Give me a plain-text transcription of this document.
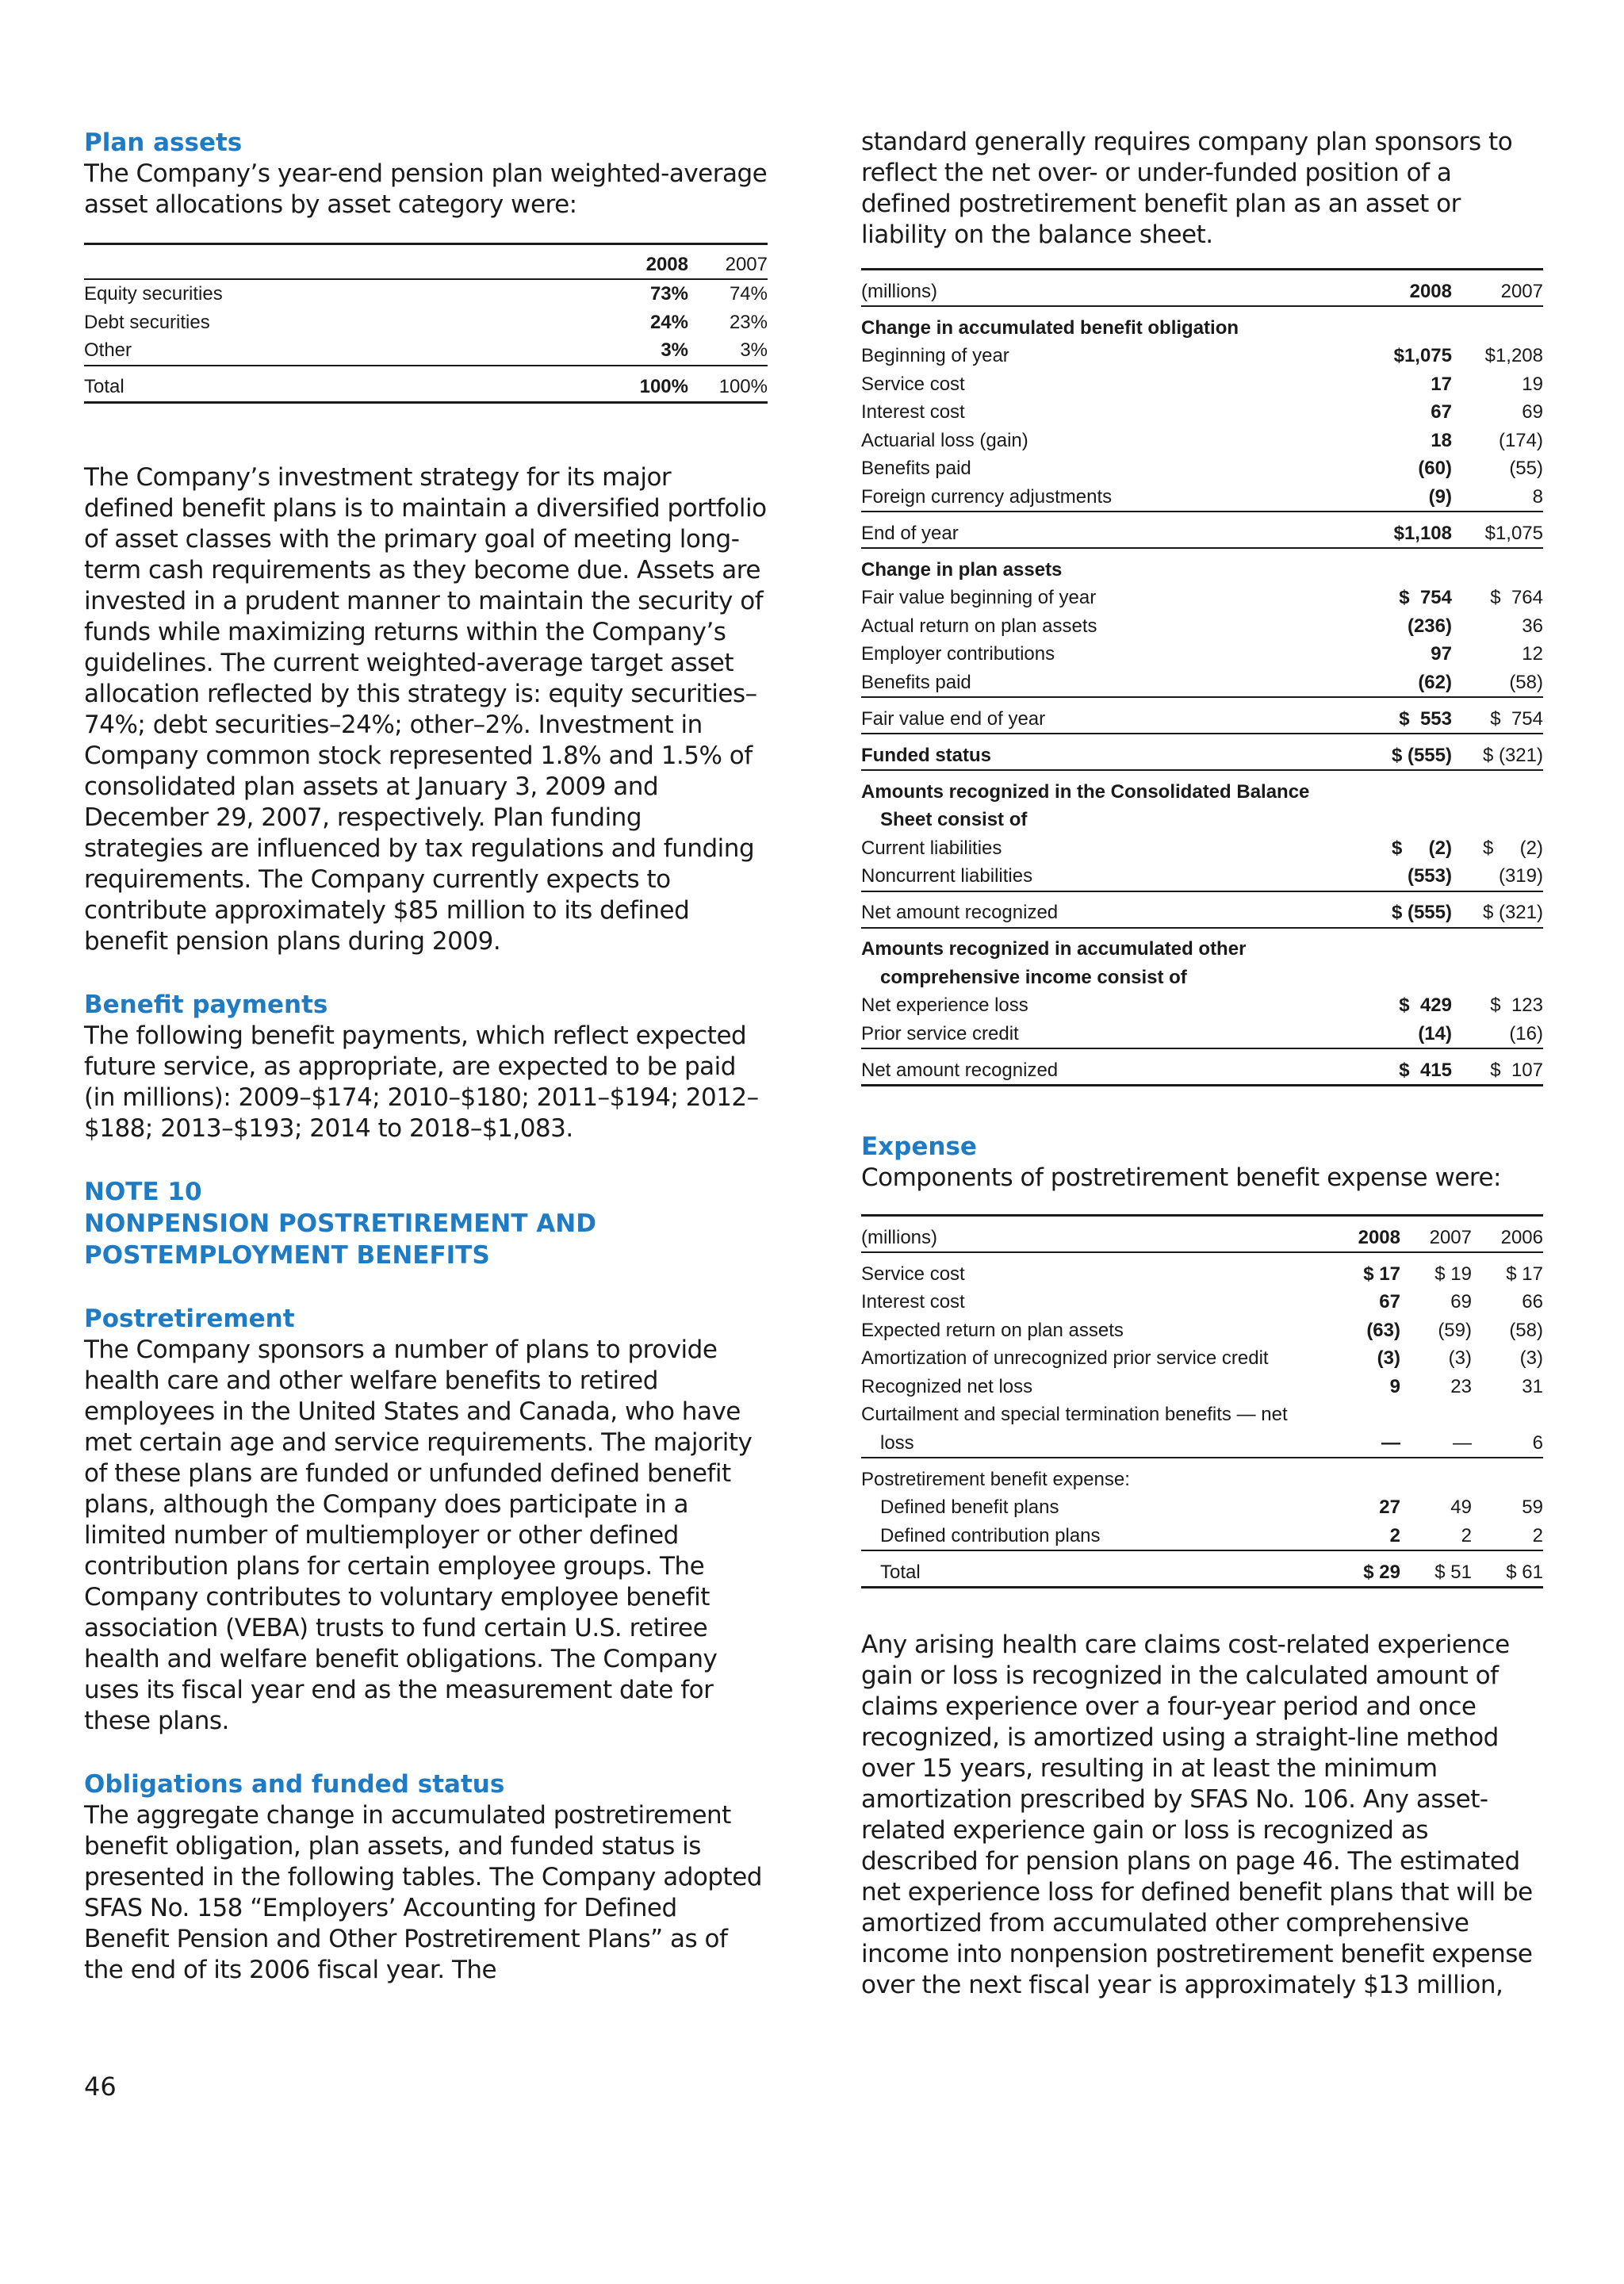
Plan assets

The Company’s year-end pension plan weighted-average asset allocations by asset category were:

	2008	2007
Equity securities	73%	74%
Debt securities	24%	23%
Other	3%	3%
Total	100%	100%

The Company’s investment strategy for its major defined benefit plans is to maintain a diversified portfolio of asset classes with the primary goal of meeting long-term cash requirements as they become due. Assets are invested in a prudent manner to maintain the security of funds while maximizing returns within the Company’s guidelines. The current weighted-average target asset allocation reflected by this strategy is: equity securities–74%; debt securities–24%; other–2%. Investment in Company common stock represented 1.8% and 1.5% of consolidated plan assets at January 3, 2009 and December 29, 2007, respectively. Plan funding strategies are influenced by tax regulations and funding requirements. The Company currently expects to contribute approximately $85 million to its defined benefit pension plans during 2009.

Benefit payments

The following benefit payments, which reflect expected future service, as appropriate, are expected to be paid (in millions): 2009–$174; 2010–$180; 2011–$194; 2012–$188; 2013–$193; 2014 to 2018–$1,083.

NOTE 10
NONPENSION POSTRETIREMENT AND
POSTEMPLOYMENT BENEFITS
Postretirement

The Company sponsors a number of plans to provide health care and other welfare benefits to retired employees in the United States and Canada, who have met certain age and service requirements. The majority of these plans are funded or unfunded defined benefit plans, although the Company does participate in a limited number of multiemployer or other defined contribution plans for certain employee groups. The Company contributes to voluntary employee benefit association (VEBA) trusts to fund certain U.S. retiree health and welfare benefit obligations. The Company uses its fiscal year end as the measurement date for these plans.

Obligations and funded status

The aggregate change in accumulated postretirement benefit obligation, plan assets, and funded status is presented in the following tables. The Company adopted SFAS No. 158 “Employers’ Accounting for Defined Benefit Pension and Other Postretirement Plans” as of the end of its 2006 fiscal year. The

standard generally requires company plan sponsors to reflect the net over- or under-funded position of a defined postretirement benefit plan as an asset or liability on the balance sheet.

(millions)	2008	2007
Change in accumulated benefit obligation		
Beginning of year	$1,075	$1,208
Service cost	17	19
Interest cost	67	69
Actuarial loss (gain)	18	(174)
Benefits paid	(60)	(55)
Foreign currency adjustments	(9)	8
End of year	$1,108	$1,075
Change in plan assets		
Fair value beginning of year	$  754	$  764
Actual return on plan assets	(236)	36
Employer contributions	97	12
Benefits paid	(62)	(58)
Fair value end of year	$  553	$  754
Funded status	$ (555)	$ (321)
Amounts recognized in the Consolidated Balance		
Sheet consist of		
Current liabilities	$     (2)	$     (2)
Noncurrent liabilities	(553)	(319)
Net amount recognized	$ (555)	$ (321)
Amounts recognized in accumulated other		
comprehensive income consist of		
Net experience loss	$  429	$  123
Prior service credit	(14)	(16)
Net amount recognized	$  415	$  107
Expense

Components of postretirement benefit expense were:

(millions)	2008	2007	2006
Service cost	$ 17	$ 19	$ 17
Interest cost	67	69	66
Expected return on plan assets	(63)	(59)	(58)
Amortization of unrecognized prior service credit	(3)	(3)	(3)
Recognized net loss	9	23	31
Curtailment and special termination benefits — net			
loss	—	—	6
Postretirement benefit expense:			
Defined benefit plans	27	49	59
Defined contribution plans	2	2	2
Total	$ 29	$ 51	$ 61

Any arising health care claims cost-related experience gain or loss is recognized in the calculated amount of claims experience over a four-year period and once recognized, is amortized using a straight-line method over 15 years, resulting in at least the minimum amortization prescribed by SFAS No. 106. Any asset-related experience gain or loss is recognized as described for pension plans on page 46. The estimated net experience loss for defined benefit plans that will be amortized from accumulated other comprehensive income into nonpension postretirement benefit expense over the next fiscal year is approximately $13 million,

46
